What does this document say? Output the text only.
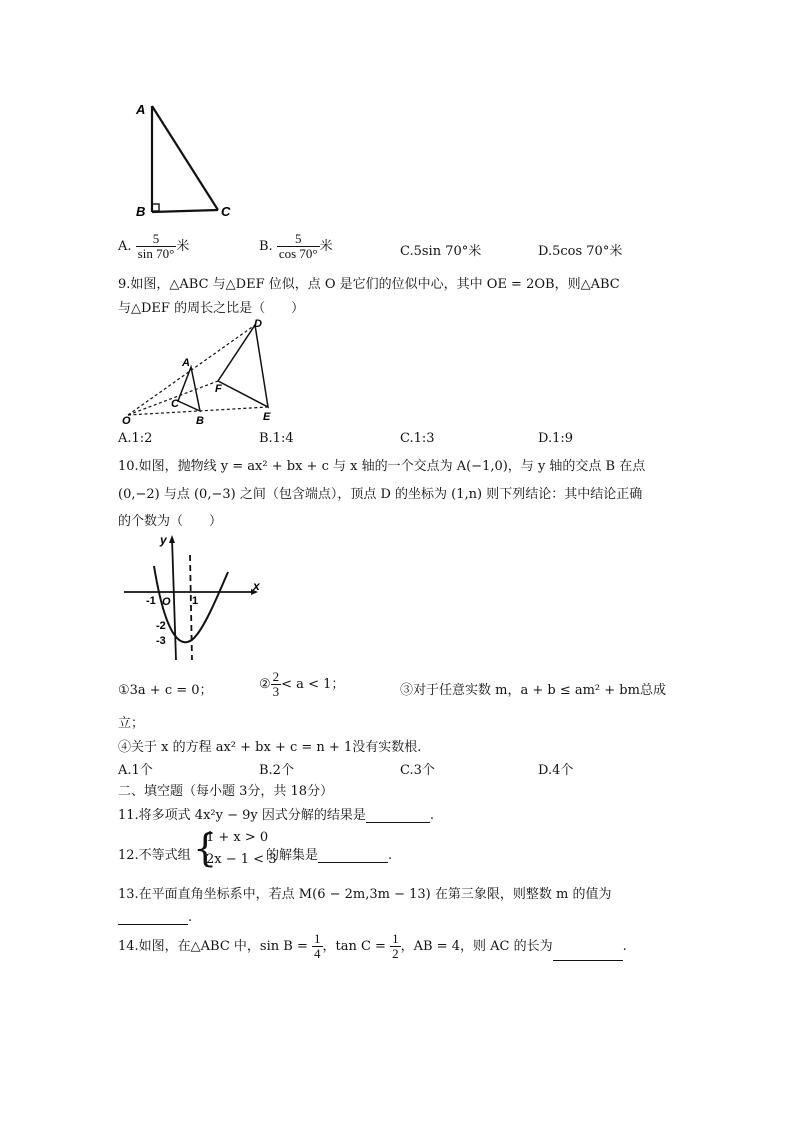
A
B	C
A. $\frac{5}{\sin 70^\circ}$ 米	B. $\frac{5}{\cos 70^\circ}$ 米	C.5sin 70°米	D.5cos 70°米
9.如图，△ABC 与△DEF 位似，点 O 是它们的位似中心，其中 OE = 2OB，则△ABC
与△DEF 的周长之比是（　　）
D
A
F
C
O	B	E
A.1:2	B.1:4	C.1:3	D.1:9
10.如图，抛物线 y = ax² + bx + c 与 x 轴的一个交点为 A(−1,0)，与 y 轴的交点 B 在点
(0,−2) 与点 (0,−3) 之间（包含端点），顶点 D 的坐标为 (1,n) 则下列结论：其中结论正确
的个数为（　　）
y
x
-1 O 1
-2
-3
①3a + c = 0；	② $\frac{2}{3} < a < 1$；	③对于任意实数 m，a + b ≤ am² + bm总成
立；
④关于 x 的方程 ax² + bx + c = n + 1没有实数根.
A.1个	B.2个	C.3个	D.4个
二、填空题（每小题 3分，共 18分）
11.将多项式 4x²y − 9y 因式分解的结果是	.
12.不等式组 {
1 + x > 0
2x − 1 < 3
的解集是	.
13.在平面直角坐标系中，若点 M(6 − 2m,3m − 13) 在第三象限，则整数 m 的值为
.
14.如图，在△ABC 中，$\sin B = \frac{1}{4}$ ，$\tan C = \frac{1}{2}$ ，AB = 4，则 AC 的长为	.
